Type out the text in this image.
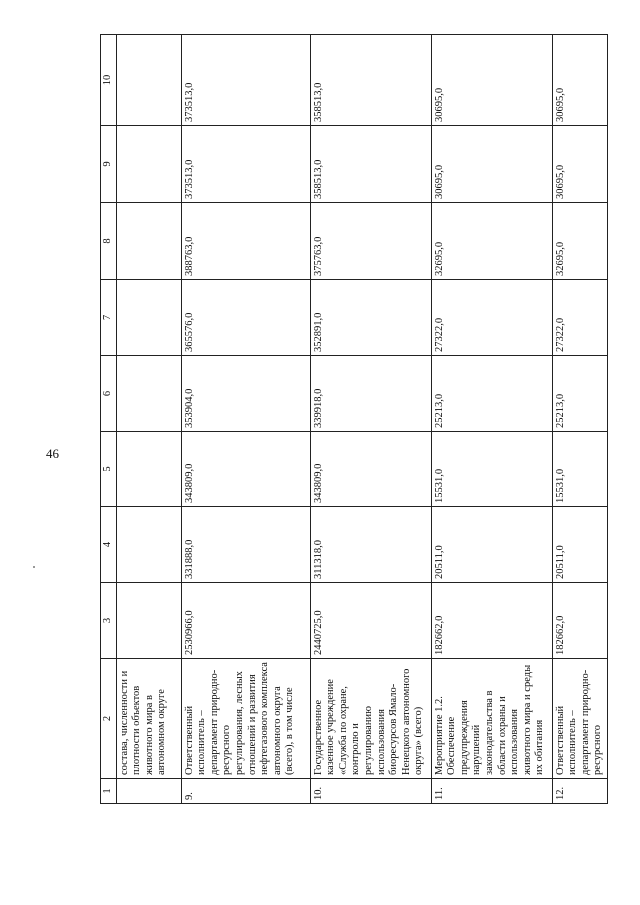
46
1	2	3	4	5	6	7	8	9	10
	состава, численности и плотности объектов животного мира в автономном округе								
9.	Ответственный исполнитель – департамент природно-ресурсного регулирования, лесных отношений и развития нефтегазового комплекса автономного округа (всего), в том числе	2530966,0	331888,0	343809,0	353904,0	365576,0	388763,0	373513,0	373513,0
10.	Государственное казенное учреждение «Служба по охране, контролю и регулированию использования биоресурсов Ямало-Ненецкого автономного округа» (всего)	2440725,0	311318,0	343809,0	339918,0	352891,0	375763,0	358513,0	358513,0
11.	Мероприятие 1.2. Обеспечение предупреждения нарушений законодательства в области охраны и использования животного мира и среды их обитания	182662,0	20511,0	15531,0	25213,0	27322,0	32695,0	30695,0	30695,0
12.	Ответственный исполнитель – департамент природно-ресурсного	182662,0	20511,0	15531,0	25213,0	27322,0	32695,0	30695,0	30695,0
